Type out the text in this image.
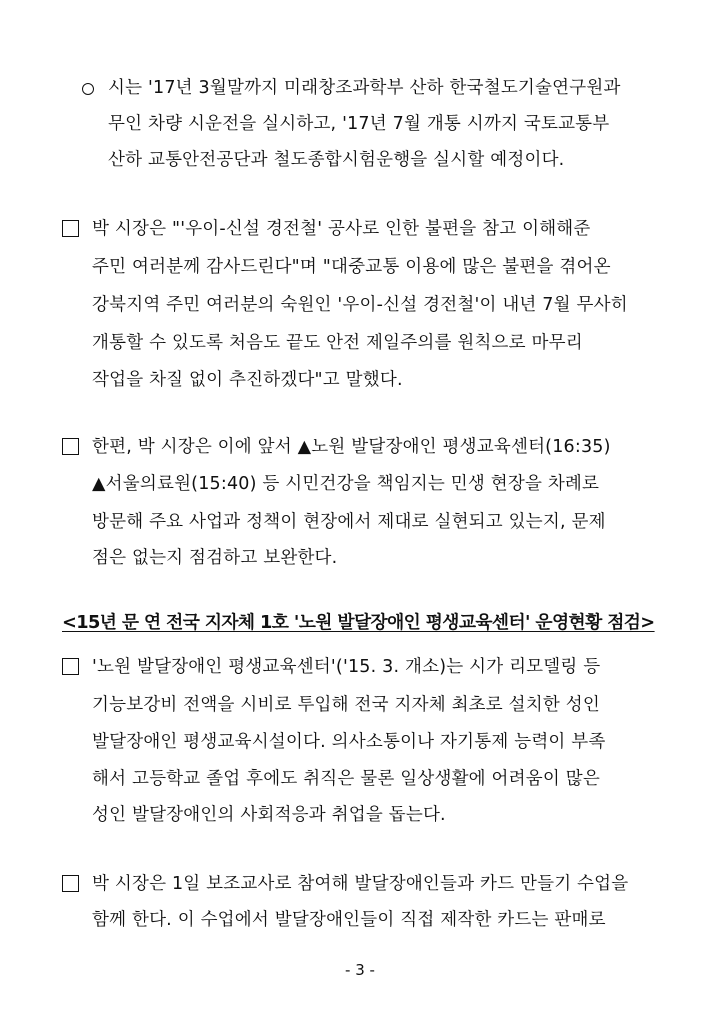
시는 '17년 3월말까지 미래창조과학부 산하 한국철도기술연구원과
무인 차량 시운전을 실시하고, '17년 7월 개통 시까지 국토교통부
산하 교통안전공단과 철도종합시험운행을 실시할 예정이다.
박 시장은 "'우이-신설 경전철' 공사로 인한 불편을 참고 이해해준
주민 여러분께 감사드린다"며 "대중교통 이용에 많은 불편을 겪어온
강북지역 주민 여러분의 숙원인 '우이-신설 경전철'이 내년 7월 무사히
개통할 수 있도록 처음도 끝도 안전 제일주의를 원칙으로 마무리
작업을 차질 없이 추진하겠다"고 말했다.
한편, 박 시장은 이에 앞서 ▲노원 발달장애인 평생교육센터(16:35)
▲서울의료원(15:40) 등 시민건강을 책임지는 민생 현장을 차례로
방문해 주요 사업과 정책이 현장에서 제대로 실현되고 있는지, 문제
점은 없는지 점검하고 보완한다.
<15년 문 연 전국 지자체 1호 '노원 발달장애인 평생교육센터' 운영현황 점검>
'노원 발달장애인 평생교육센터'('15. 3. 개소)는 시가 리모델링 등
기능보강비 전액을 시비로 투입해 전국 지자체 최초로 설치한 성인
발달장애인 평생교육시설이다. 의사소통이나 자기통제 능력이 부족
해서 고등학교 졸업 후에도 취직은 물론 일상생활에 어려움이 많은
성인 발달장애인의 사회적응과 취업을 돕는다.
박 시장은 1일 보조교사로 참여해 발달장애인들과 카드 만들기 수업을
함께 한다. 이 수업에서 발달장애인들이 직접 제작한 카드는 판매로
- 3 -
